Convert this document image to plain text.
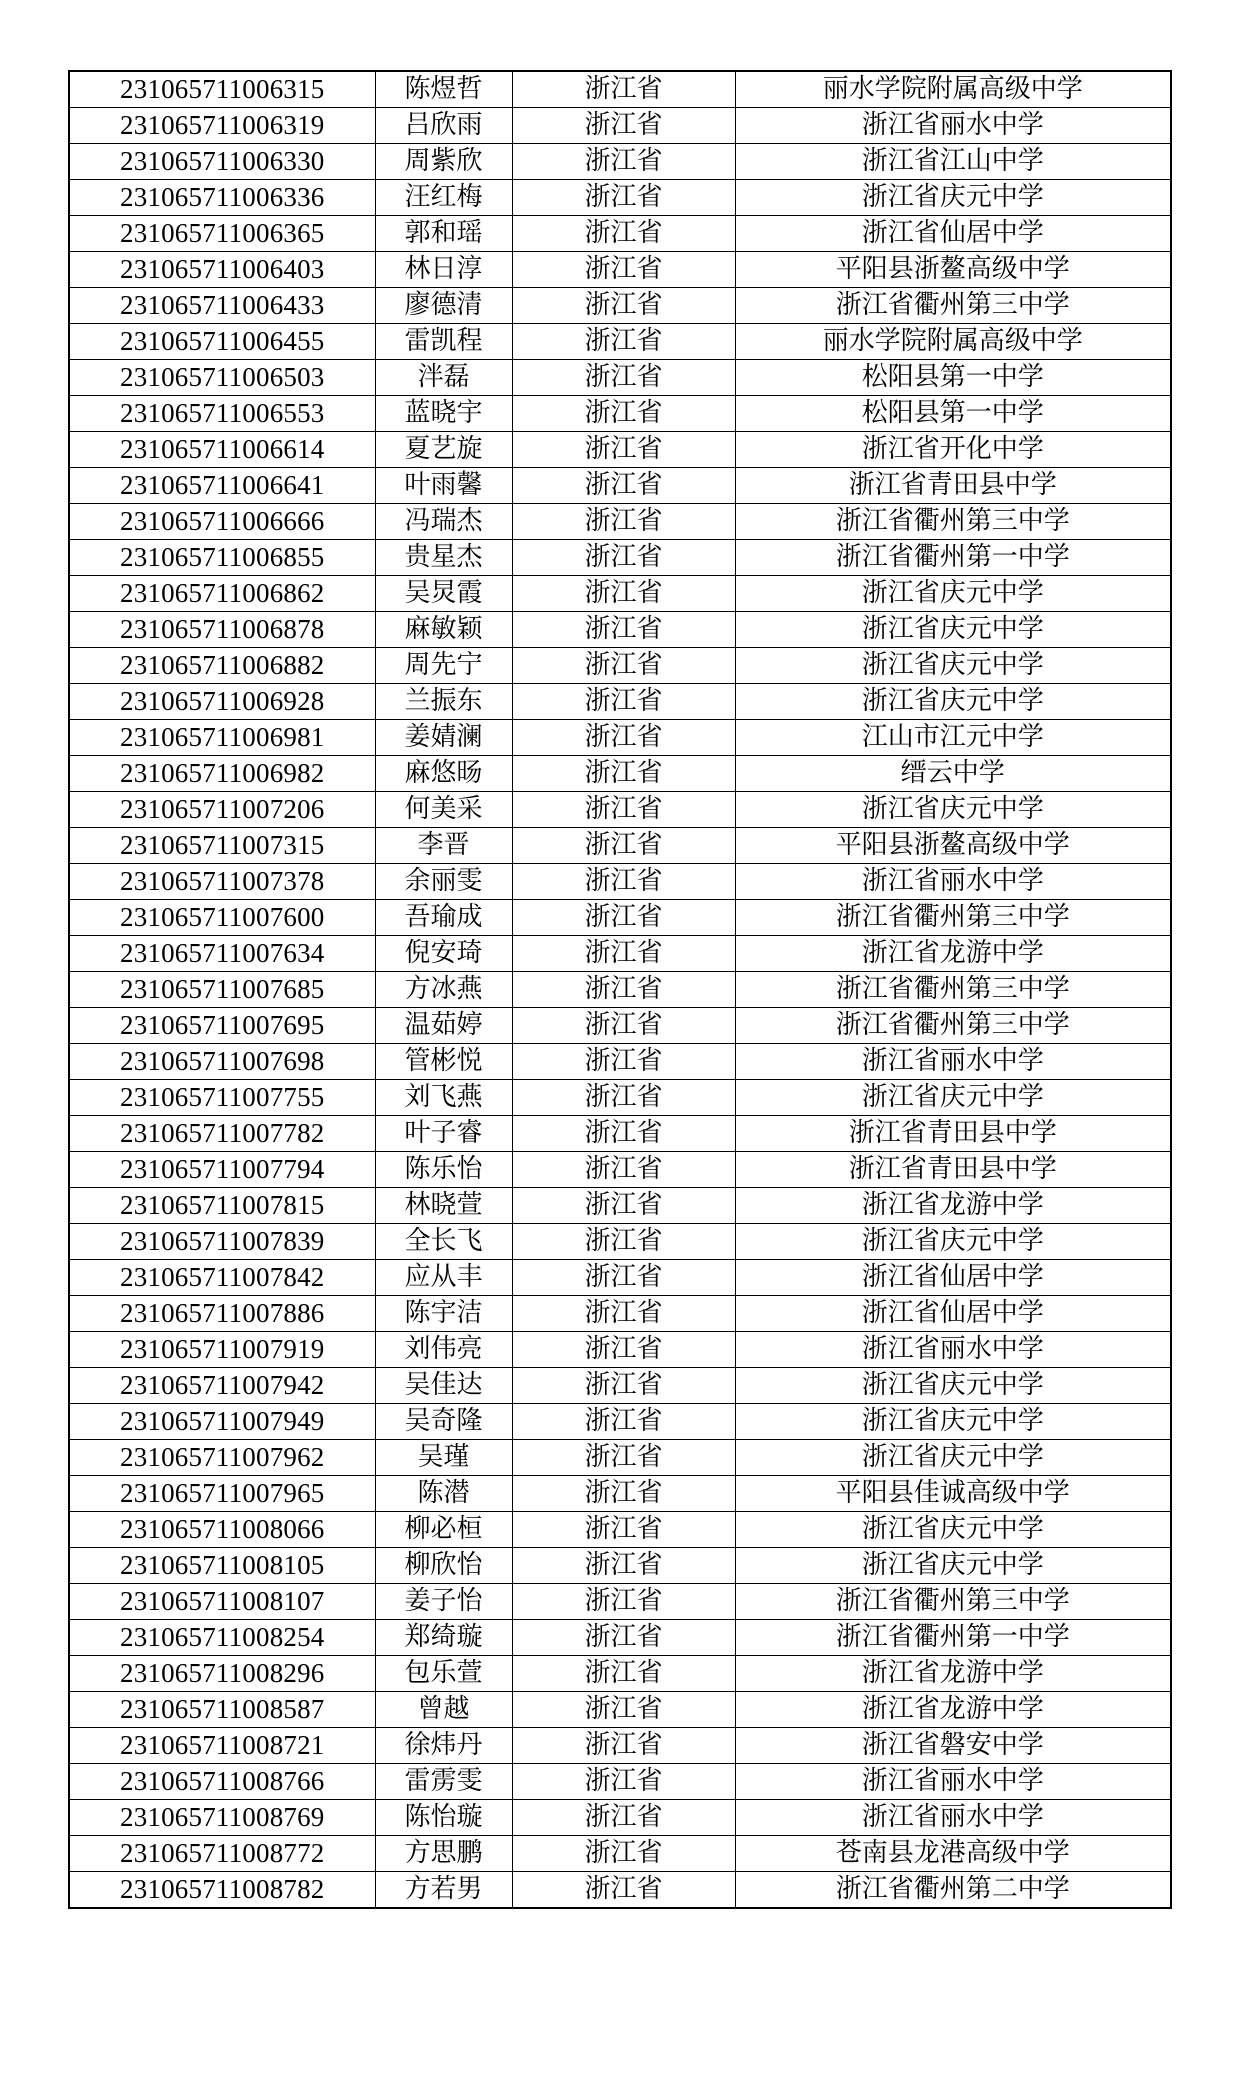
231065711006315	陈煜哲	浙江省	丽水学院附属高级中学
231065711006319	吕欣雨	浙江省	浙江省丽水中学
231065711006330	周紫欣	浙江省	浙江省江山中学
231065711006336	汪红梅	浙江省	浙江省庆元中学
231065711006365	郭和瑶	浙江省	浙江省仙居中学
231065711006403	林日淳	浙江省	平阳县浙鳌高级中学
231065711006433	廖德清	浙江省	浙江省衢州第三中学
231065711006455	雷凯程	浙江省	丽水学院附属高级中学
231065711006503	泮磊	浙江省	松阳县第一中学
231065711006553	蓝晓宇	浙江省	松阳县第一中学
231065711006614	夏艺旋	浙江省	浙江省开化中学
231065711006641	叶雨馨	浙江省	浙江省青田县中学
231065711006666	冯瑞杰	浙江省	浙江省衢州第三中学
231065711006855	贵星杰	浙江省	浙江省衢州第一中学
231065711006862	吴炅霞	浙江省	浙江省庆元中学
231065711006878	麻敏颖	浙江省	浙江省庆元中学
231065711006882	周先宁	浙江省	浙江省庆元中学
231065711006928	兰振东	浙江省	浙江省庆元中学
231065711006981	姜婧澜	浙江省	江山市江元中学
231065711006982	麻悠旸	浙江省	缙云中学
231065711007206	何美采	浙江省	浙江省庆元中学
231065711007315	李晋	浙江省	平阳县浙鳌高级中学
231065711007378	余丽雯	浙江省	浙江省丽水中学
231065711007600	吾瑜成	浙江省	浙江省衢州第三中学
231065711007634	倪安琦	浙江省	浙江省龙游中学
231065711007685	方冰燕	浙江省	浙江省衢州第三中学
231065711007695	温茹婷	浙江省	浙江省衢州第三中学
231065711007698	管彬悦	浙江省	浙江省丽水中学
231065711007755	刘飞燕	浙江省	浙江省庆元中学
231065711007782	叶子睿	浙江省	浙江省青田县中学
231065711007794	陈乐怡	浙江省	浙江省青田县中学
231065711007815	林晓萱	浙江省	浙江省龙游中学
231065711007839	全长飞	浙江省	浙江省庆元中学
231065711007842	应从丰	浙江省	浙江省仙居中学
231065711007886	陈宇洁	浙江省	浙江省仙居中学
231065711007919	刘伟亮	浙江省	浙江省丽水中学
231065711007942	吴佳达	浙江省	浙江省庆元中学
231065711007949	吴奇隆	浙江省	浙江省庆元中学
231065711007962	吴瑾	浙江省	浙江省庆元中学
231065711007965	陈潜	浙江省	平阳县佳诚高级中学
231065711008066	柳必桓	浙江省	浙江省庆元中学
231065711008105	柳欣怡	浙江省	浙江省庆元中学
231065711008107	姜子怡	浙江省	浙江省衢州第三中学
231065711008254	郑绮璇	浙江省	浙江省衢州第一中学
231065711008296	包乐萱	浙江省	浙江省龙游中学
231065711008587	曾越	浙江省	浙江省龙游中学
231065711008721	徐炜丹	浙江省	浙江省磐安中学
231065711008766	雷雳雯	浙江省	浙江省丽水中学
231065711008769	陈怡璇	浙江省	浙江省丽水中学
231065711008772	方思鹏	浙江省	苍南县龙港高级中学
231065711008782	方若男	浙江省	浙江省衢州第二中学
